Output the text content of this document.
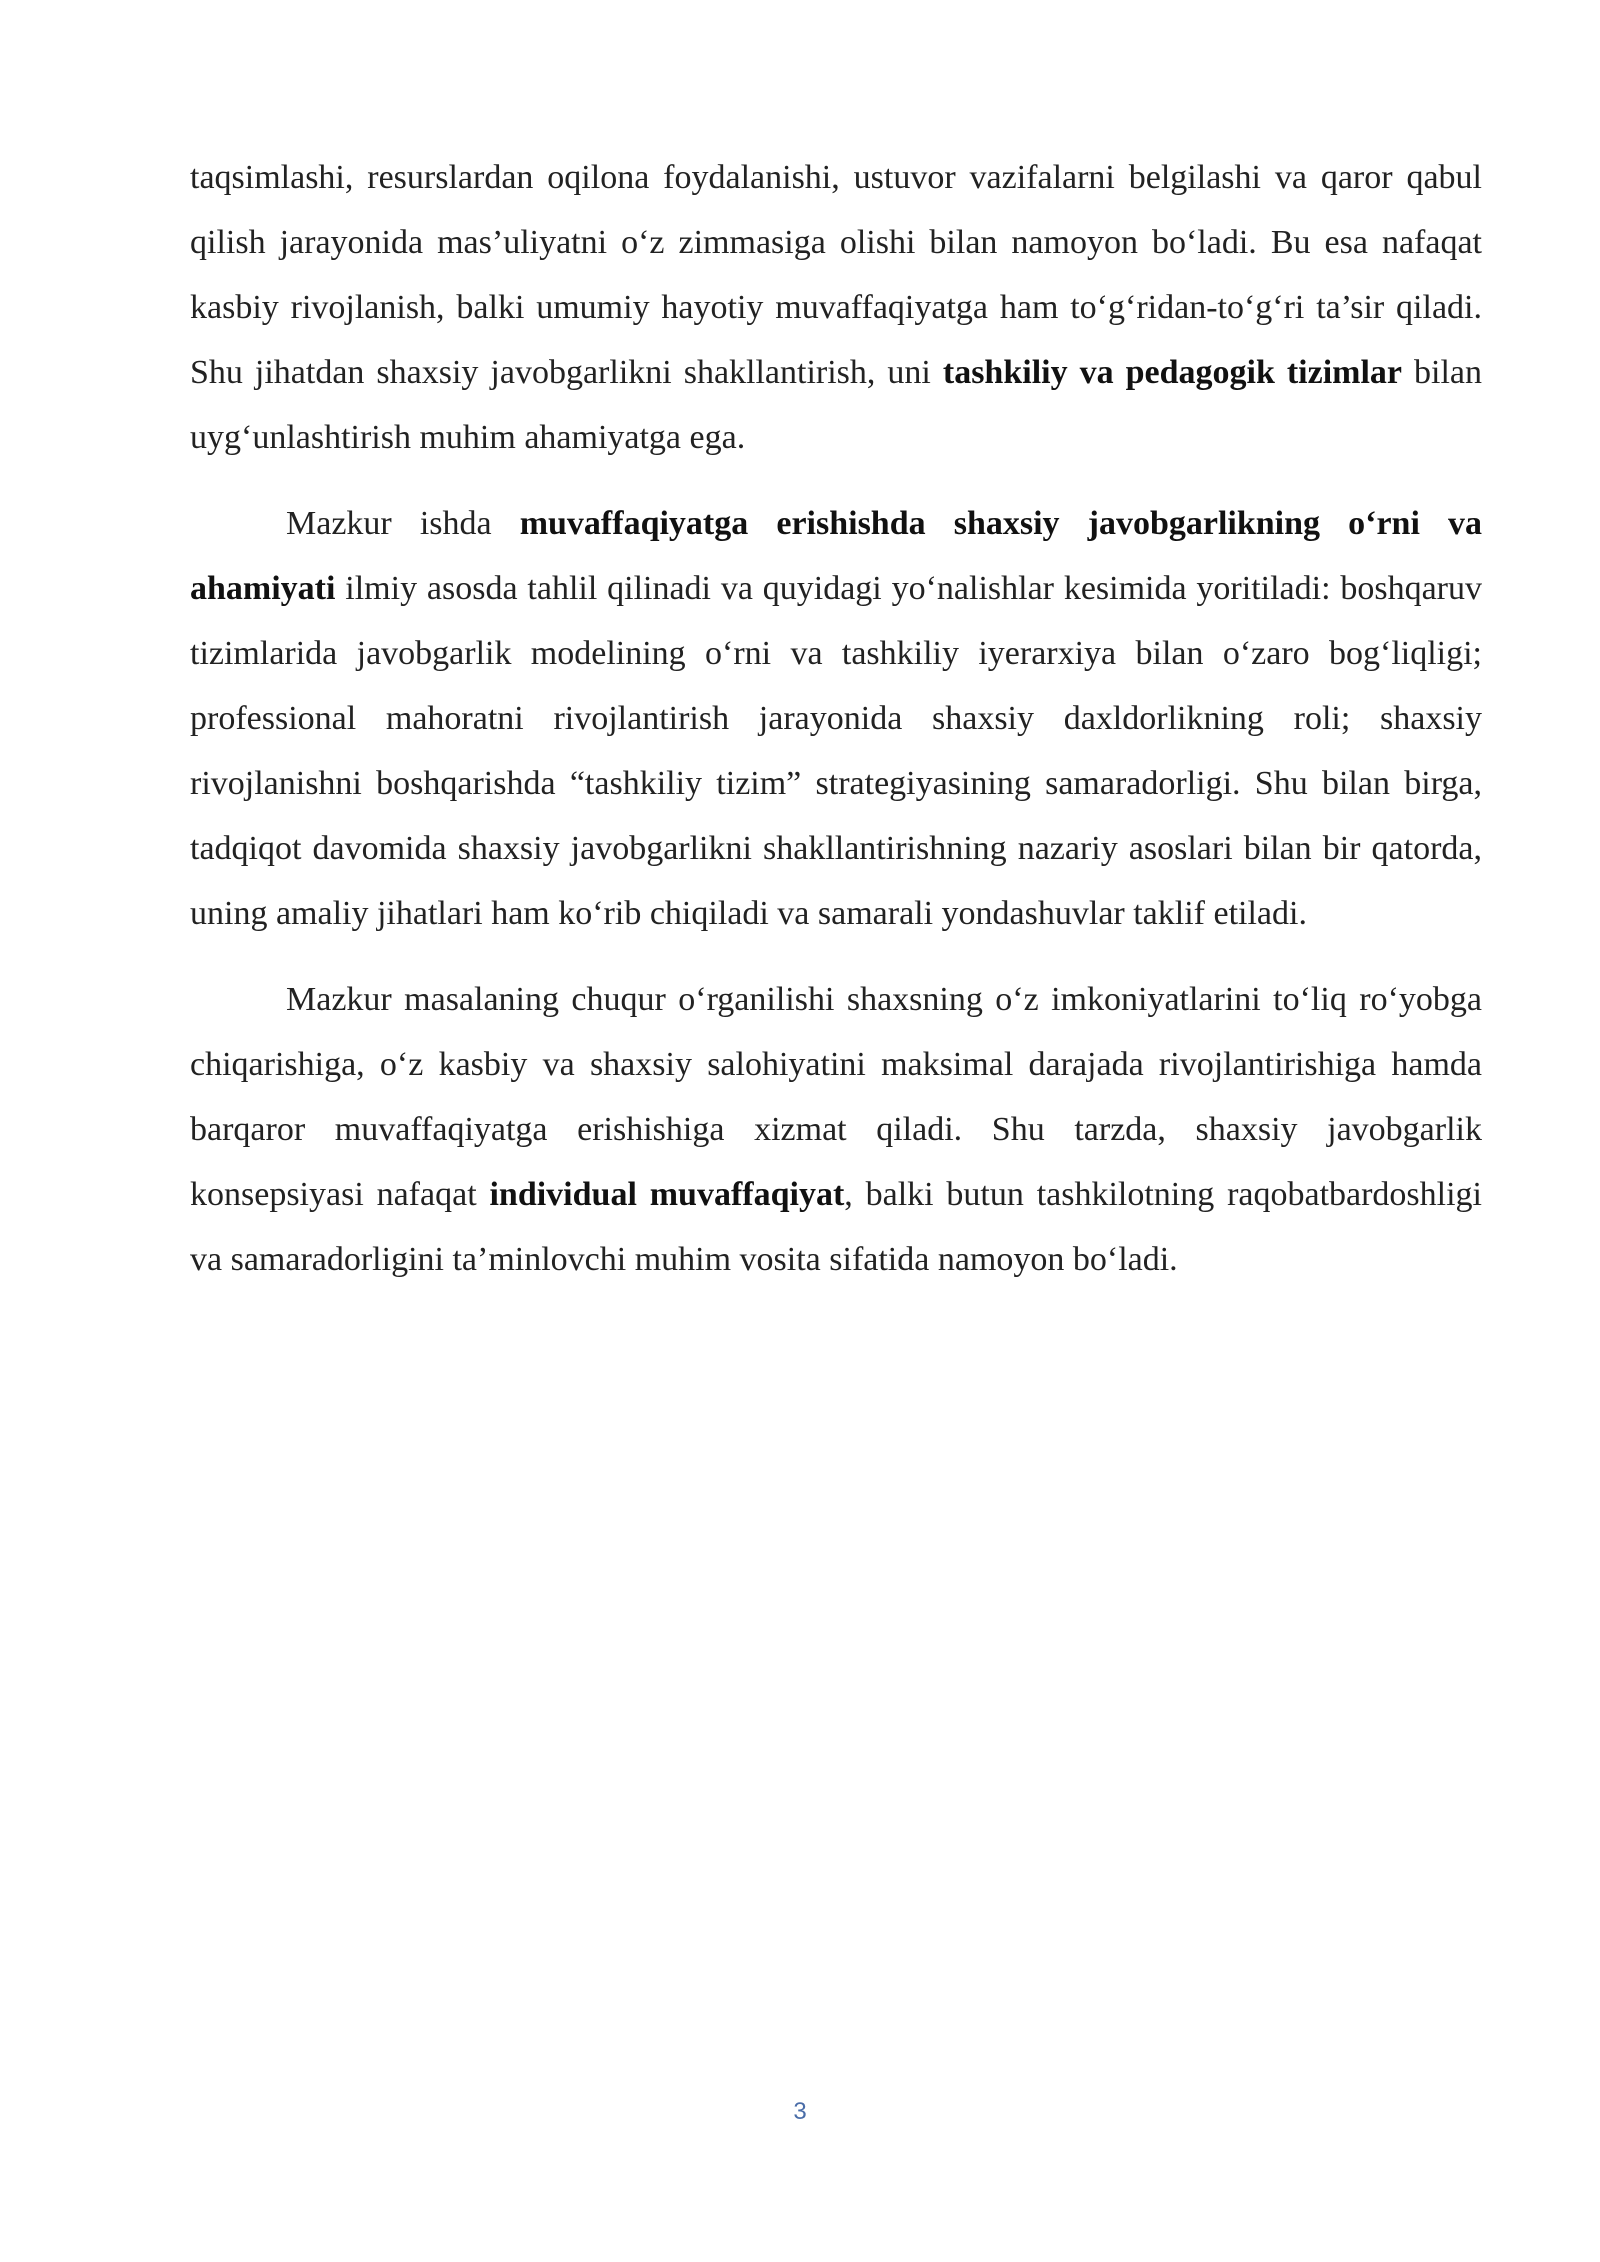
taqsimlashi, resurslardan oqilona foydalanishi, ustuvor vazifalarni belgilashi va qaror qabul qilish jarayonida mas’uliyatni o‘z zimmasiga olishi bilan namoyon bo‘ladi. Bu esa nafaqat kasbiy rivojlanish, balki umumiy hayotiy muvaffaqiyatga ham to‘g‘ridan-to‘g‘ri ta’sir qiladi. Shu jihatdan shaxsiy javobgarlikni shakllantirish, uni tashkiliy va pedagogik tizimlar bilan uyg‘unlashtirish muhim ahamiyatga ega.

Mazkur ishda muvaffaqiyatga erishishda shaxsiy javobgarlikning o‘rni va ahamiyati ilmiy asosda tahlil qilinadi va quyidagi yo‘nalishlar kesimida yoritiladi: boshqaruv tizimlarida javobgarlik modelining o‘rni va tashkiliy iyerarxiya bilan o‘zaro bog‘liqligi; professional mahoratni rivojlantirish jarayonida shaxsiy daxldorlikning roli; shaxsiy rivojlanishni boshqarishda “tashkiliy tizim” strategiyasining samaradorligi. Shu bilan birga, tadqiqot davomida shaxsiy javobgarlikni shakllantirishning nazariy asoslari bilan bir qatorda, uning amaliy jihatlari ham ko‘rib chiqiladi va samarali yondashuvlar taklif etiladi.

Mazkur masalaning chuqur o‘rganilishi shaxsning o‘z imkoniyatlarini to‘liq ro‘yobga chiqarishiga, o‘z kasbiy va shaxsiy salohiyatini maksimal darajada rivojlantirishiga hamda barqaror muvaffaqiyatga erishishiga xizmat qiladi. Shu tarzda, shaxsiy javobgarlik konsepsiyasi nafaqat individual muvaffaqiyat, balki butun tashkilotning raqobatbardoshligi va samaradorligini ta’minlovchi muhim vosita sifatida namoyon bo‘ladi.

3
